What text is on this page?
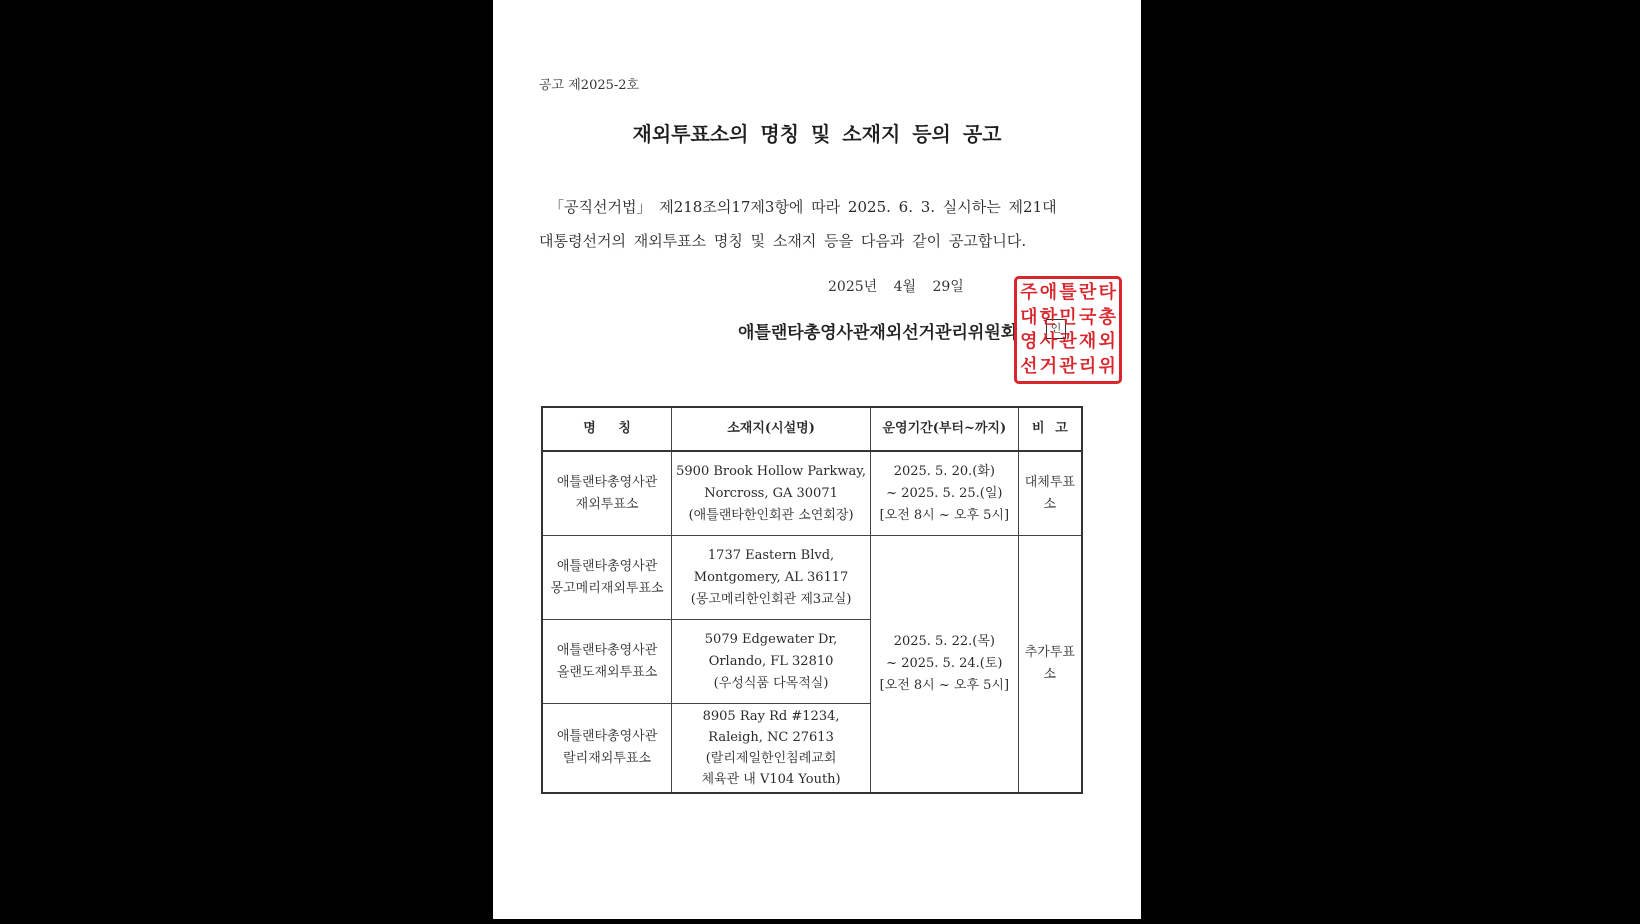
공고 제2025-2호
재외투표소의 명칭 및 소재지 등의 공고

「공직선거법」 제218조의17제3항에 따라 2025. 6. 3. 실시하는 제21대

대통령선거의 재외투표소 명칭 및 소재지 등을 다음과 같이 공고합니다.

2025년 4월 29일
애틀랜타총영사관재외선거관리위원회	인
주 애 틀 란 타
대 한 민 국 총
영 사 관 재 외
선 거 관 리 위
명 칭	소재지(시설명)	운영기간(부터~까지)	비 고

애틀랜타총영사관
재외투표소	5900 Brook Hollow Parkway,
Norcross, GA 30071
(애틀랜타한인회관 소연회장)	2025. 5. 20.(화)
~ 2025. 5. 25.(일)
[오전 8시 ~ 오후 5시]	대체투표소

애틀랜타총영사관
몽고메리재외투표소	1737 Eastern Blvd,
Montgomery, AL 36117
(몽고메리한인회관 제3교실)	2025. 5. 22.(목)
~ 2025. 5. 24.(토)
[오전 8시 ~ 오후 5시]	추가투표소

애틀랜타총영사관
올랜도재외투표소	5079 Edgewater Dr,
Orlando, FL 32810
(우성식품 다목적실)		

애틀랜타총영사관
랄리재외투표소	8905 Ray Rd #1234,
Raleigh, NC 27613
(랄리제일한인침례교회
체육관 내 V104 Youth)		
